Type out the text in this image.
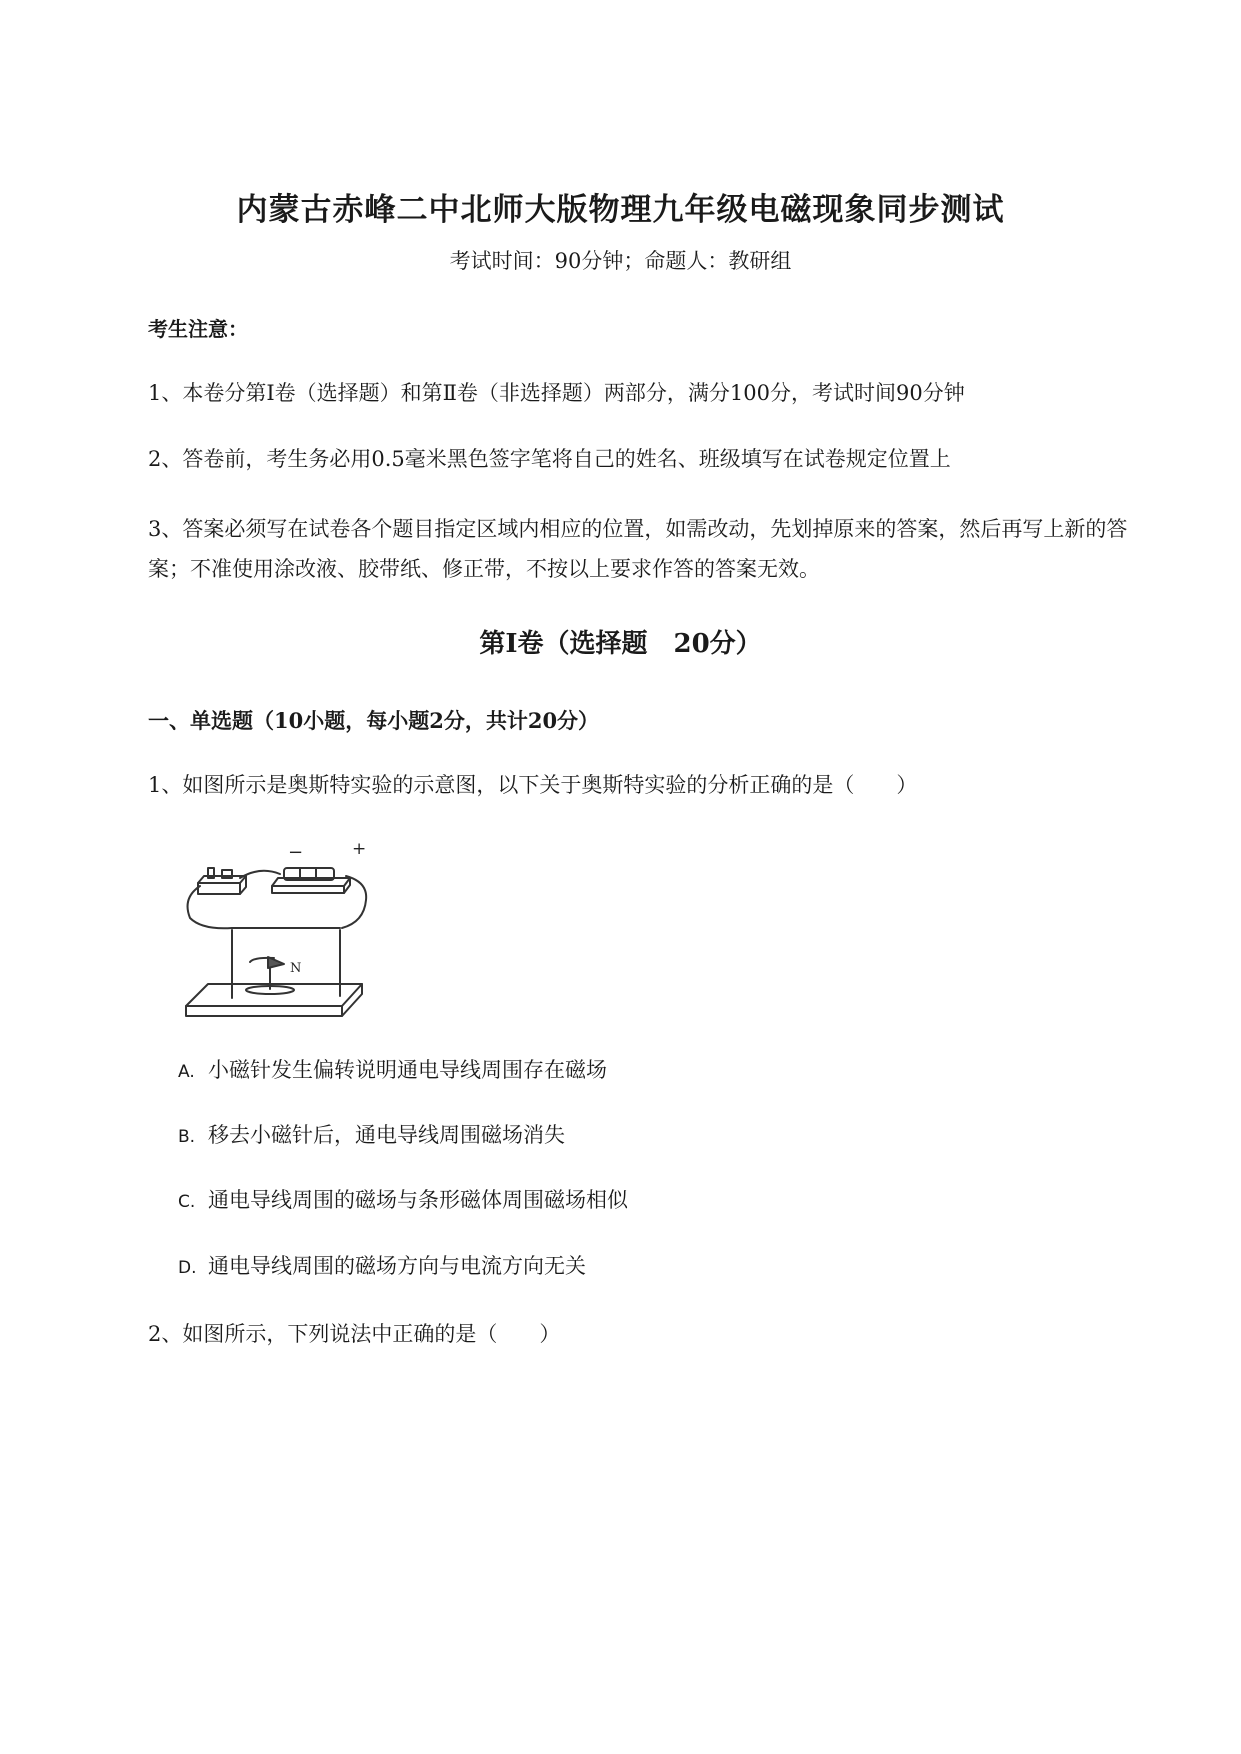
内蒙古赤峰二中北师大版物理九年级电磁现象同步测试
考试时间：90分钟；命题人：教研组
考生注意：
1、本卷分第I卷（选择题）和第Ⅱ卷（非选择题）两部分，满分100分，考试时间90分钟
2、答卷前，考生务必用0.5毫米黑色签字笔将自己的姓名、班级填写在试卷规定位置上
3、答案必须写在试卷各个题目指定区域内相应的位置，如需改动，先划掉原来的答案，然后再写上新的答案；不准使用涂改液、胶带纸、修正带，不按以上要求作答的答案无效。
第I卷（选择题　20分）
一、单选题（10小题，每小题2分，共计20分）
1、如图所示是奥斯特实验的示意图，以下关于奥斯特实验的分析正确的是（　　）
−	+
N
A. 小磁针发生偏转说明通电导线周围存在磁场
B. 移去小磁针后，通电导线周围磁场消失
C. 通电导线周围的磁场与条形磁体周围磁场相似
D. 通电导线周围的磁场方向与电流方向无关
2、如图所示，下列说法中正确的是（　　）
